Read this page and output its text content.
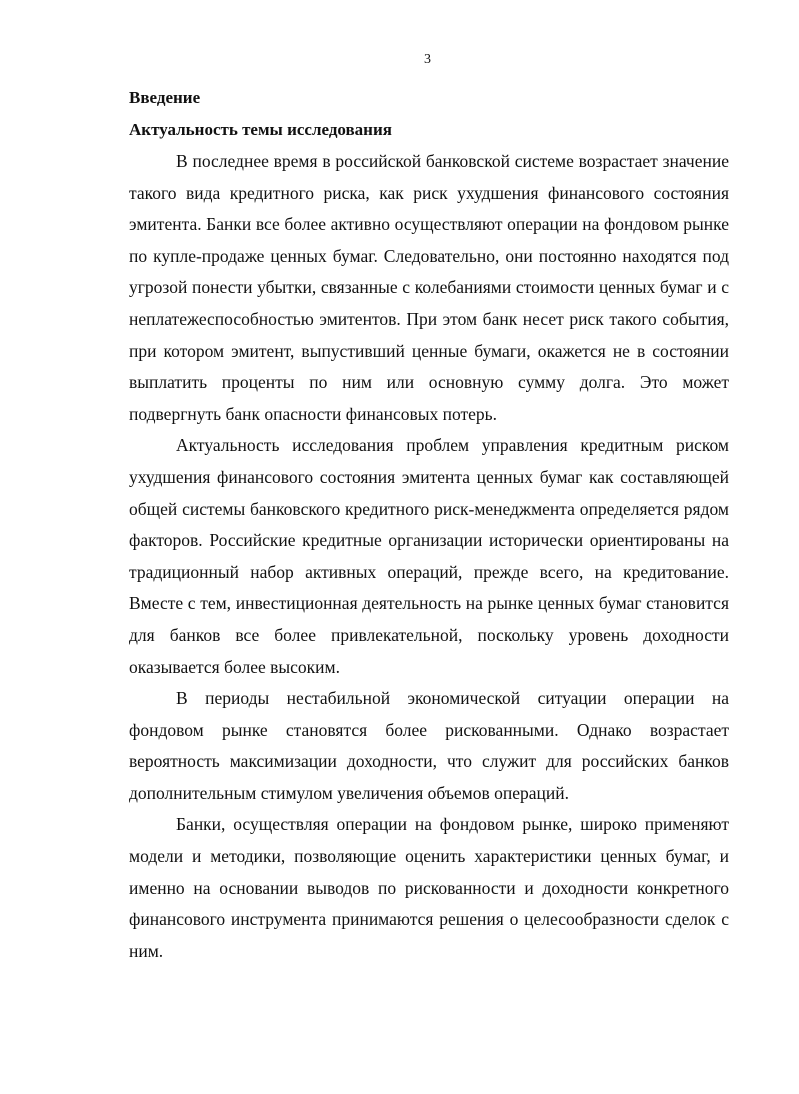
3
Введение
Актуальность темы исследования

В последнее время в российской банковской системе возрастает значение такого вида кредитного риска, как риск ухудшения финансового состояния эмитента. Банки все более активно осуществляют операции на фондовом рынке по купле-продаже ценных бумаг. Следовательно, они постоянно находятся под угрозой понести убытки, связанные с колебаниями стоимости ценных бумаг и с неплатежеспособностью эмитентов. При этом банк несет риск такого события, при котором эмитент, выпустивший ценные бумаги, окажется не в состоянии выплатить проценты по ним или основную сумму долга. Это может подвергнуть банк опасности финансовых потерь.

Актуальность исследования проблем управления кредитным риском ухудшения финансового состояния эмитента ценных бумаг как составляющей общей системы банковского кредитного риск-менеджмента определяется рядом факторов. Российские кредитные организации исторически ориентированы на традиционный набор активных операций, прежде всего, на кредитование. Вместе с тем, инвестиционная деятельность на рынке ценных бумаг становится для банков все более привлекательной, поскольку уровень доходности оказывается более высоким.

В периоды нестабильной экономической ситуации операции на фондовом рынке становятся более рискованными. Однако возрастает вероятность максимизации доходности, что служит для российских банков дополнительным стимулом увеличения объемов операций.

Банки, осуществляя операции на фондовом рынке, широко применяют модели и методики, позволяющие оценить характеристики ценных бумаг, и именно на основании выводов по рискованности и доходности конкретного финансового инструмента принимаются решения о целесообразности сделок с ним.
